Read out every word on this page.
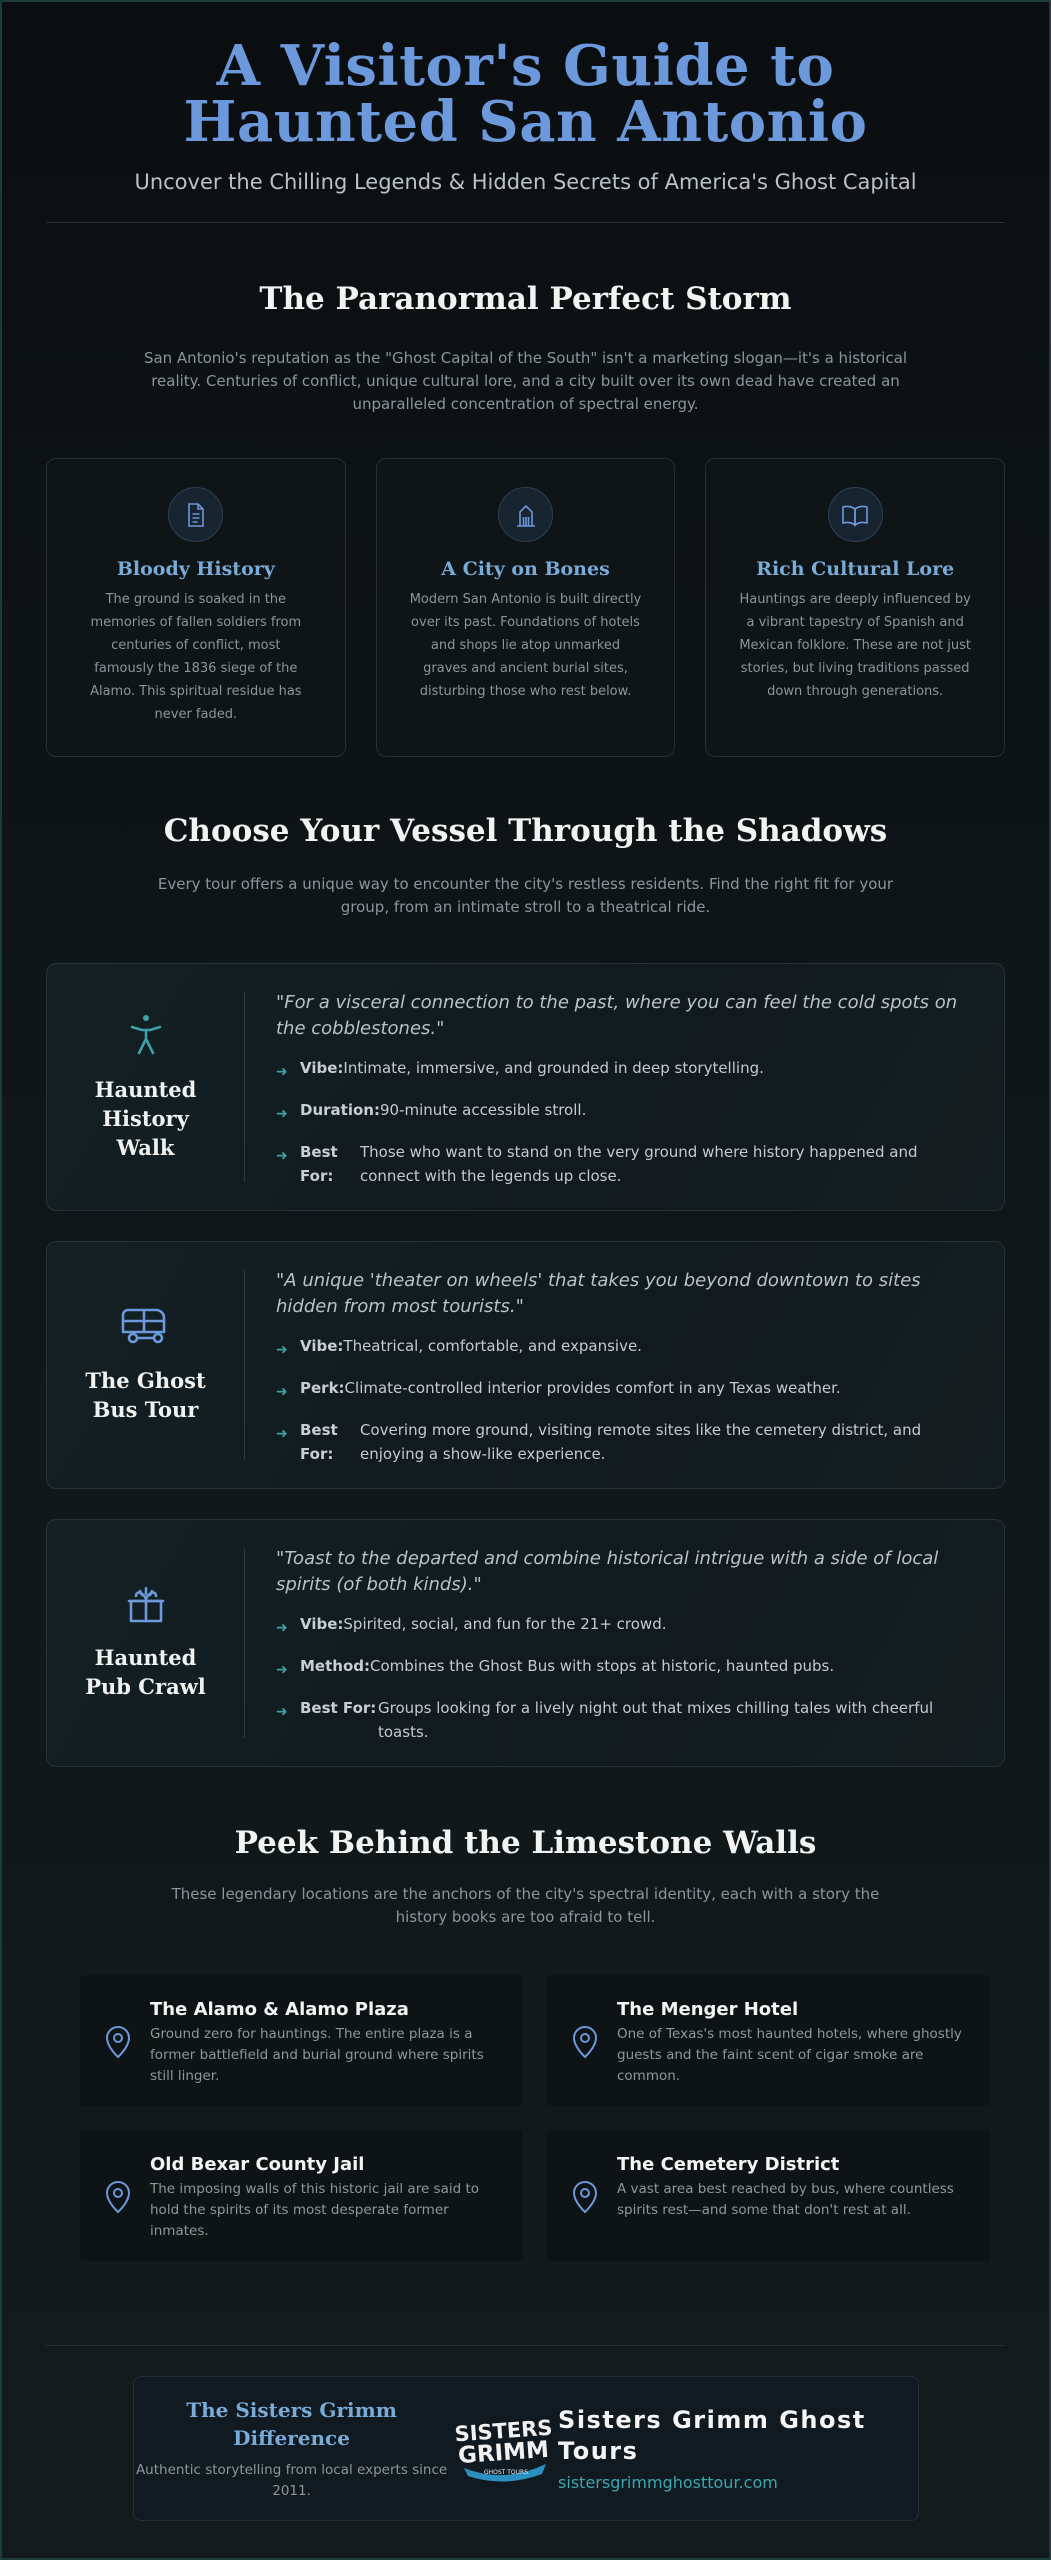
A Visitor's Guide to Haunted San Antonio

Uncover the Chilling Legends & Hidden Secrets of America's Ghost Capital

The Paranormal Perfect Storm

San Antonio's reputation as the "Ghost Capital of the South" isn't a marketing slogan—it's a historical reality. Centuries of conflict, unique cultural lore, and a city built over its own dead have created an unparalleled concentration of spectral energy.

Bloody History

The ground is soaked in the memories of fallen soldiers from centuries of conflict, most famously the 1836 siege of the Alamo. This spiritual residue has never faded.

A City on Bones

Modern San Antonio is built directly over its past. Foundations of hotels and shops lie atop unmarked graves and ancient burial sites, disturbing those who rest below.

Rich Cultural Lore

Hauntings are deeply influenced by a vibrant tapestry of Spanish and Mexican folklore. These are not just stories, but living traditions passed down through generations.

Choose Your Vessel Through the Shadows

Every tour offers a unique way to encounter the city's restless residents. Find the right fit for your group, from an intimate stroll to a theatrical ride.

Haunted History Walk

"For a visceral connection to the past, where you can feel the cold spots on the cobblestones."

➜ Vibe: Intimate, immersive, and grounded in deep storytelling.
➜ Duration: 90-minute accessible stroll.
➜ Best For:
Those who want to stand on the very ground where history happened and connect with the legends up close.
The Ghost Bus Tour

"A unique 'theater on wheels' that takes you beyond downtown to sites hidden from most tourists."

➜ Vibe: Theatrical, comfortable, and expansive.
➜ Perk: Climate-controlled interior provides comfort in any Texas weather.
➜ Best For:
Covering more ground, visiting remote sites like the cemetery district, and enjoying a show-like experience.
Haunted Pub Crawl

"Toast to the departed and combine historical intrigue with a side of local spirits (of both kinds)."

➜ Vibe: Spirited, social, and fun for the 21+ crowd.
➜ Method: Combines the Ghost Bus with stops at historic, haunted pubs.
➜ Best For: Groups looking for a lively night out that mixes chilling tales with cheerful toasts.
Peek Behind the Limestone Walls

These legendary locations are the anchors of the city's spectral identity, each with a story the history books are too afraid to tell.

The Alamo & Alamo Plaza

Ground zero for hauntings. The entire plaza is a former battlefield and burial ground where spirits still linger.

The Menger Hotel

One of Texas's most haunted hotels, where ghostly guests and the faint scent of cigar smoke are common.

Old Bexar County Jail

The imposing walls of this historic jail are said to hold the spirits of its most desperate former inmates.

The Cemetery District

A vast area best reached by bus, where countless spirits rest—and some that don't rest at all.

The Sisters Grimm Difference

Authentic storytelling from local experts since 2011.

SISTERS
GRIMM
GHOST TOURS
Sisters Grimm Ghost Tours
sistersgrimmghosttour.com
